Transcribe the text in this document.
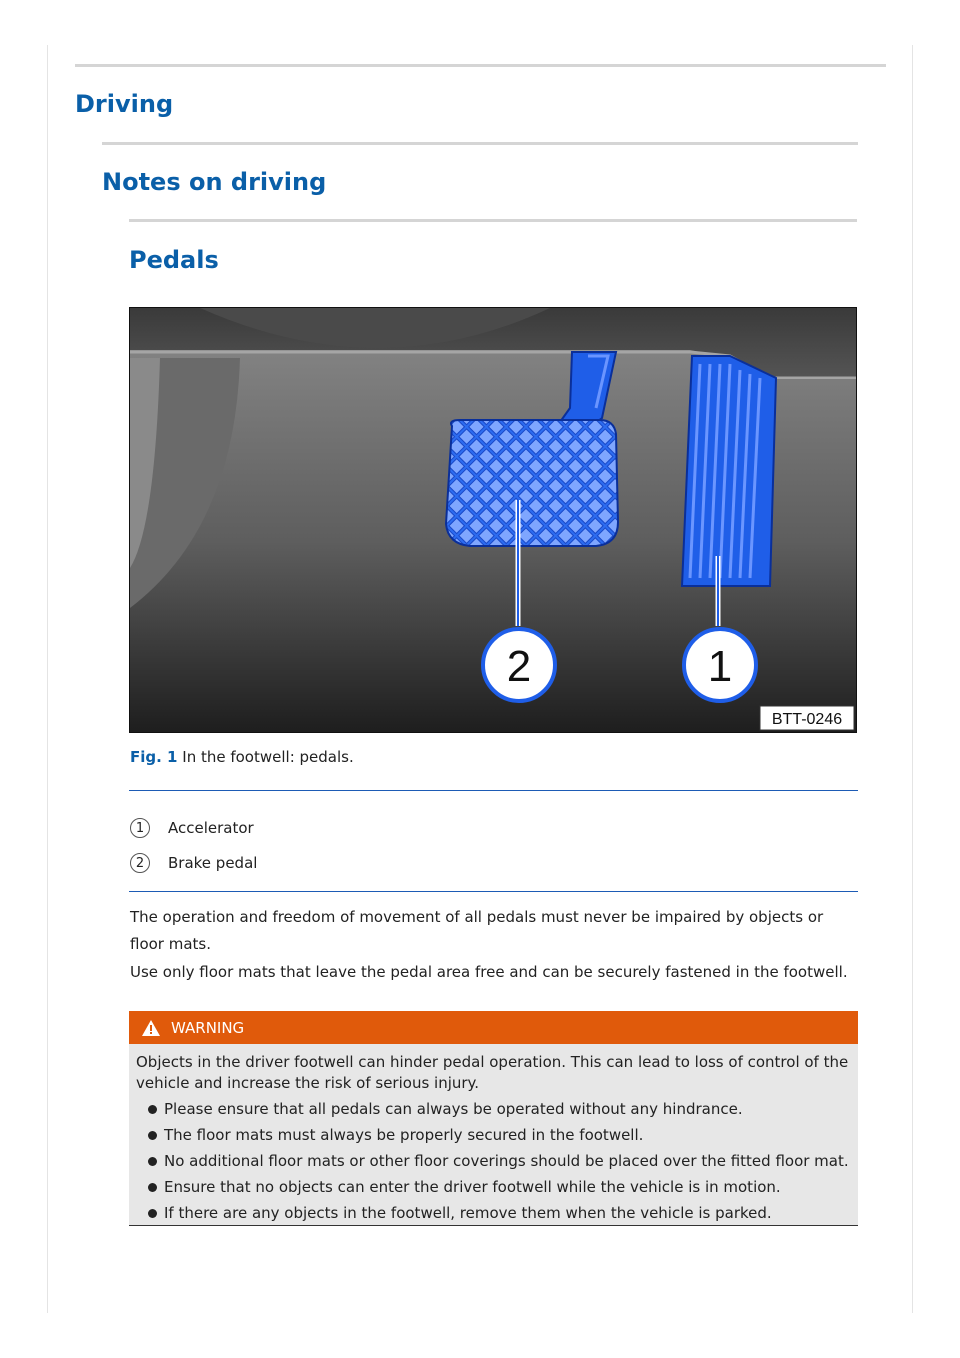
Driving
Notes on driving
Pedals
2	1
BTT-0246
Fig. 1 In the footwell: pedals.
1	Accelerator
2	Brake pedal

The operation and freedom of movement of all pedals must never be impaired by objects or floor mats.

Use only floor mats that leave the pedal area free and can be securely fastened in the footwell.

WARNING

Objects in the driver footwell can hinder pedal operation. This can lead to loss of control of the vehicle and increase the risk of serious injury.

Please ensure that all pedals can always be operated without any hindrance.
The floor mats must always be properly secured in the footwell.
No additional floor mats or other floor coverings should be placed over the fitted floor mat.
Ensure that no objects can enter the driver footwell while the vehicle is in motion.
If there are any objects in the footwell, remove them when the vehicle is parked.
